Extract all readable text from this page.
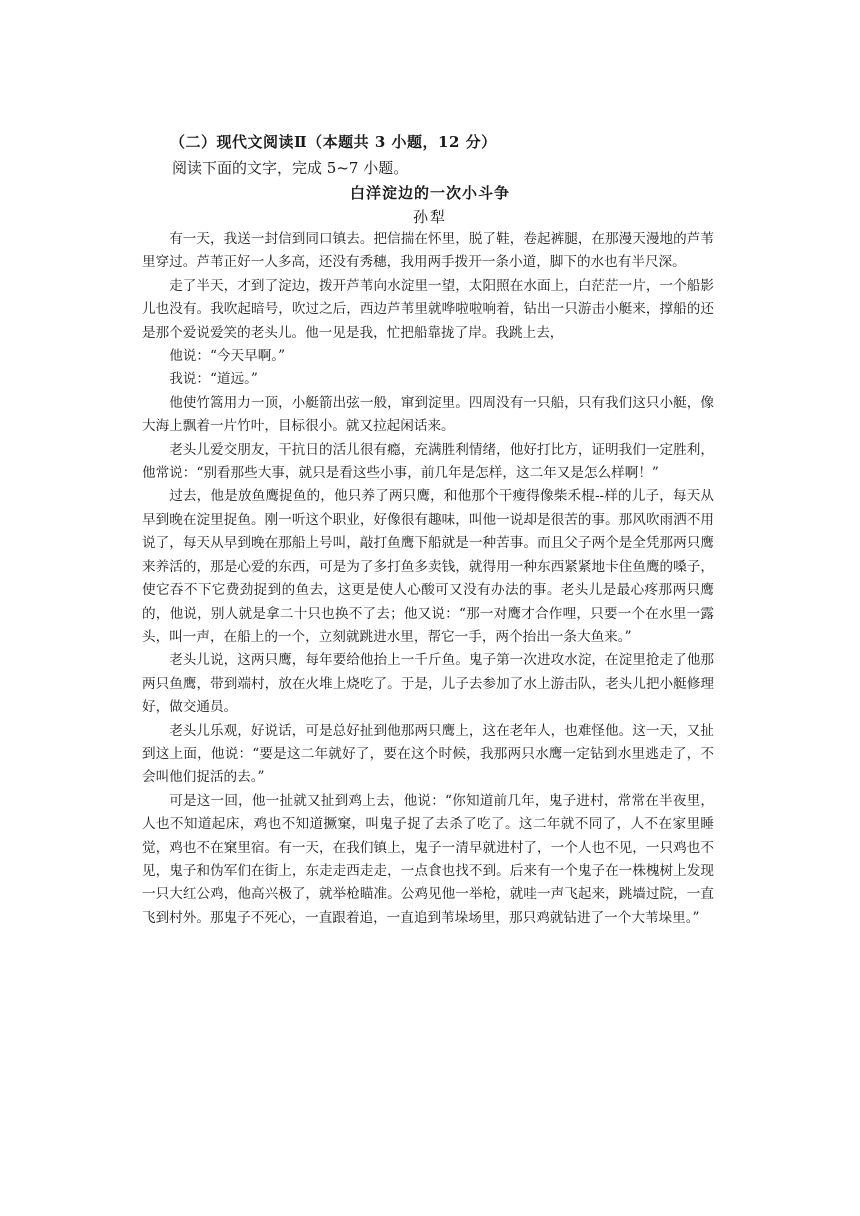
（二）现代文阅读Ⅱ（本题共 3 小题，12 分）
阅读下面的文字，完成 5~7 小题。
白洋淀边的一次小斗争
孙犁

有一天，我送一封信到同口镇去。把信揣在怀里，脱了鞋，卷起裤腿，在那漫天漫地的芦苇里穿过。芦苇正好一人多高，还没有秀穗，我用两手拨开一条小道，脚下的水也有半尺深。

走了半天，才到了淀边，拨开芦苇向水淀里一望，太阳照在水面上，白茫茫一片，一个船影儿也没有。我吹起暗号，吹过之后，西边芦苇里就哗啦啦响着，钻出一只游击小艇来，撑船的还是那个爱说爱笑的老头儿。他一见是我，忙把船靠拢了岸。我跳上去，

他说：“今天早啊。”

我说：“道远。”

他使竹篙用力一顶，小艇箭出弦一般，窜到淀里。四周没有一只船，只有我们这只小艇，像大海上飘着一片竹叶，目标很小。就又拉起闲话来。

老头儿爱交朋友，干抗日的活儿很有瘾，充满胜利情绪，他好打比方，证明我们一定胜利，他常说：“别看那些大事，就只是看这些小事，前几年是怎样，这二年又是怎么样啊！”

过去，他是放鱼鹰捉鱼的，他只养了两只鹰，和他那个干瘦得像柴禾棍--样的儿子，每天从早到晚在淀里捉鱼。刚一听这个职业，好像很有趣味，叫他一说却是很苦的事。那风吹雨洒不用说了，每天从早到晚在那船上号叫，敲打鱼鹰下船就是一种苦事。而且父子两个是全凭那两只鹰来养活的，那是心爱的东西，可是为了多打鱼多卖钱，就得用一种东西紧紧地卡住鱼鹰的嗓子，使它吞不下它费劲捉到的鱼去，这更是使人心酸可又没有办法的事。老头儿是最心疼那两只鹰的，他说，别人就是拿二十只也换不了去；他又说：“那一对鹰才合作哩，只要一个在水里一露头，叫一声，在船上的一个，立刻就跳进水里，帮它一手，两个抬出一条大鱼来。”

老头儿说，这两只鹰，每年要给他抬上一千斤鱼。鬼子第一次进攻水淀，在淀里抢走了他那两只鱼鹰，带到端村，放在火堆上烧吃了。于是，儿子去参加了水上游击队，老头儿把小艇修理好，做交通员。

老头儿乐观，好说话，可是总好扯到他那两只鹰上，这在老年人，也难怪他。这一天，又扯到这上面，他说：“要是这二年就好了，要在这个时候，我那两只水鹰一定钻到水里逃走了，不会叫他们捉活的去。”

可是这一回，他一扯就又扯到鸡上去，他说：“你知道前几年，鬼子进村，常常在半夜里，人也不知道起床，鸡也不知道撅窠，叫鬼子捉了去杀了吃了。这二年就不同了，人不在家里睡觉，鸡也不在窠里宿。有一天，在我们镇上，鬼子一清早就进村了，一个人也不见，一只鸡也不见，鬼子和伪军们在街上，东走走西走走，一点食也找不到。后来有一个鬼子在一株槐树上发现一只大红公鸡，他高兴极了，就举枪瞄准。公鸡见他一举枪，就哇一声飞起来，跳墙过院，一直飞到村外。那鬼子不死心，一直跟着追，一直追到苇垛场里，那只鸡就钻进了一个大苇垛里。”
